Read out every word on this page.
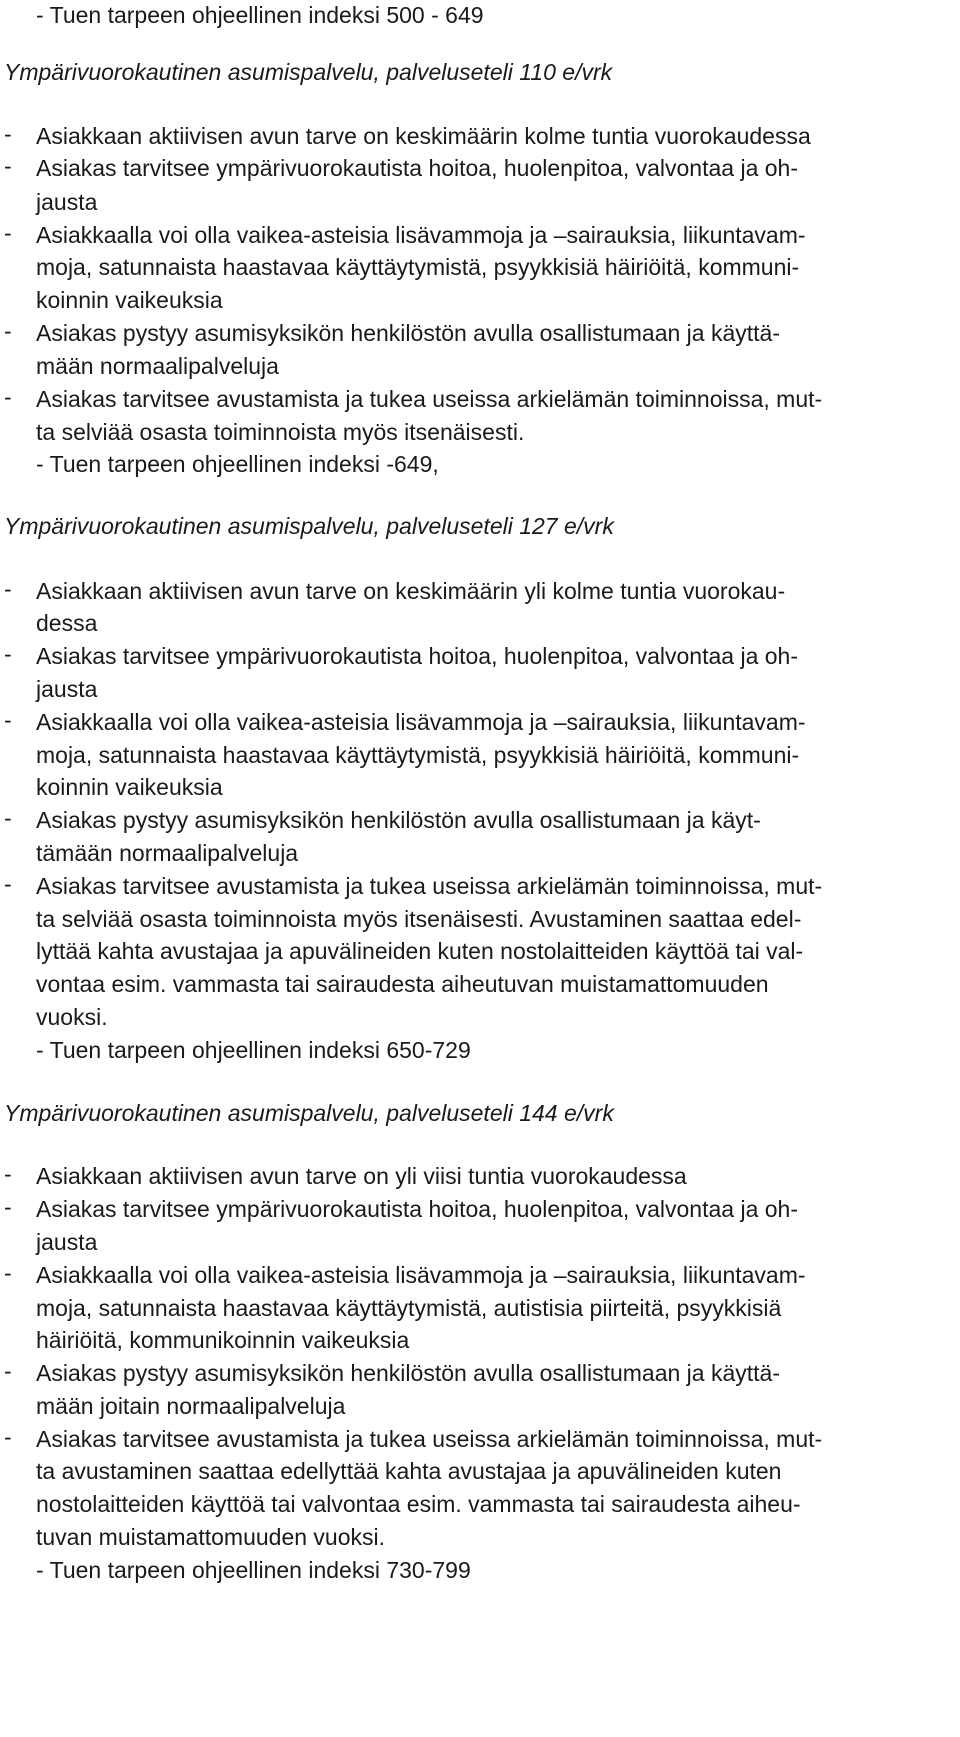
- Tuen tarpeen ohjeellinen indeksi 500 - 649
Ympärivuorokautinen asumispalvelu, palveluseteli 110 e/vrk
- Asiakkaan aktiivisen avun tarve on keskimäärin kolme tuntia vuorokaudessa
- Asiakas tarvitsee ympärivuorokautista hoitoa, huolenpitoa, valvontaa ja oh-
jausta
- Asiakkaalla voi olla vaikea-asteisia lisävammoja ja –sairauksia, liikuntavam-
moja, satunnaista haastavaa käyttäytymistä, psyykkisiä häiriöitä, kommuni-
koinnin vaikeuksia
- Asiakas pystyy asumisyksikön henkilöstön avulla osallistumaan ja käyttä-
mään normaalipalveluja
- Asiakas tarvitsee avustamista ja tukea useissa arkielämän toiminnoissa, mut-
ta selviää osasta toiminnoista myös itsenäisesti.
- Tuen tarpeen ohjeellinen indeksi -649,
Ympärivuorokautinen asumispalvelu, palveluseteli 127 e/vrk
- Asiakkaan aktiivisen avun tarve on keskimäärin yli kolme tuntia vuorokau-
dessa
- Asiakas tarvitsee ympärivuorokautista hoitoa, huolenpitoa, valvontaa ja oh-
jausta
- Asiakkaalla voi olla vaikea-asteisia lisävammoja ja –sairauksia, liikuntavam-
moja, satunnaista haastavaa käyttäytymistä, psyykkisiä häiriöitä, kommuni-
koinnin vaikeuksia
- Asiakas pystyy asumisyksikön henkilöstön avulla osallistumaan ja käyt-
tämään normaalipalveluja
- Asiakas tarvitsee avustamista ja tukea useissa arkielämän toiminnoissa, mut-
ta selviää osasta toiminnoista myös itsenäisesti. Avustaminen saattaa edel-
lyttää kahta avustajaa ja apuvälineiden kuten nostolaitteiden käyttöä tai val-
vontaa esim. vammasta tai sairaudesta aiheutuvan muistamattomuuden
vuoksi.
- Tuen tarpeen ohjeellinen indeksi 650-729
Ympärivuorokautinen asumispalvelu, palveluseteli 144 e/vrk
- Asiakkaan aktiivisen avun tarve on yli viisi tuntia vuorokaudessa
- Asiakas tarvitsee ympärivuorokautista hoitoa, huolenpitoa, valvontaa ja oh-
jausta
- Asiakkaalla voi olla vaikea-asteisia lisävammoja ja –sairauksia, liikuntavam-
moja, satunnaista haastavaa käyttäytymistä, autistisia piirteitä, psyykkisiä
häiriöitä, kommunikoinnin vaikeuksia
- Asiakas pystyy asumisyksikön henkilöstön avulla osallistumaan ja käyttä-
mään joitain normaalipalveluja
- Asiakas tarvitsee avustamista ja tukea useissa arkielämän toiminnoissa, mut-
ta avustaminen saattaa edellyttää kahta avustajaa ja apuvälineiden kuten
nostolaitteiden käyttöä tai valvontaa esim. vammasta tai sairaudesta aiheu-
tuvan muistamattomuuden vuoksi.
- Tuen tarpeen ohjeellinen indeksi 730-799
